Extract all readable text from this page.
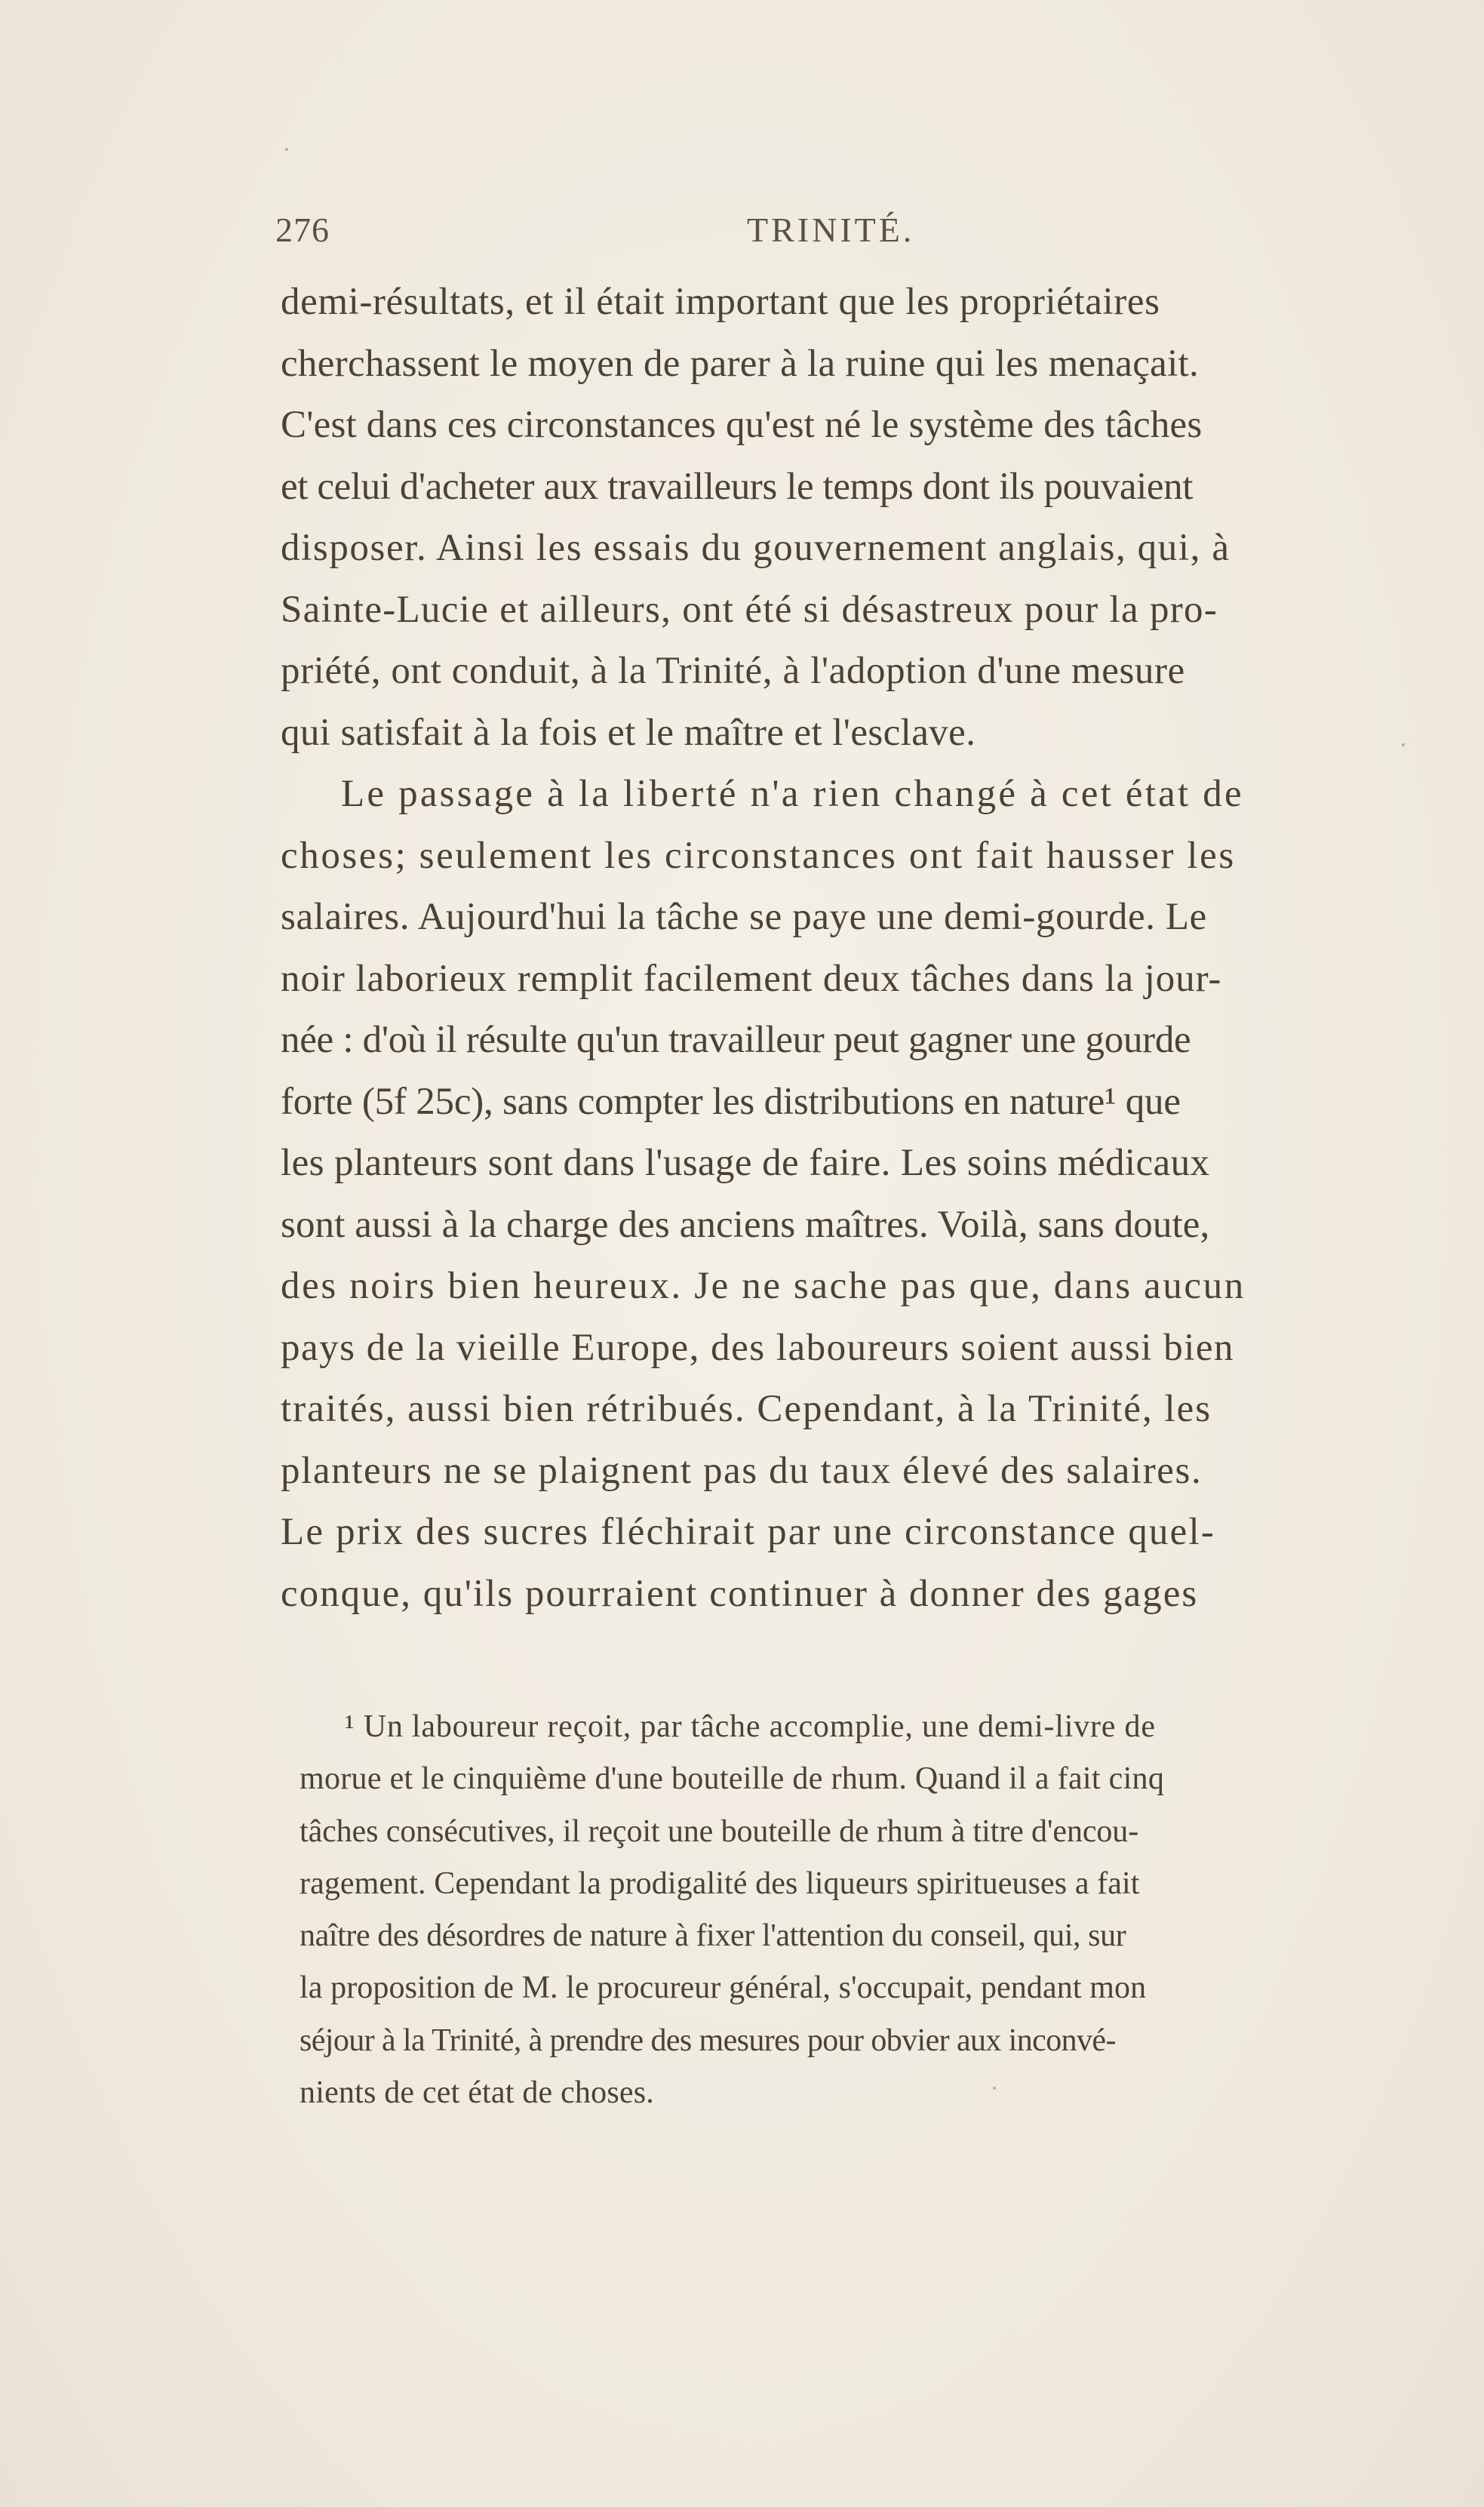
276	TRINITÉ.
demi-résultats, et il était important que les propriétaires
cherchassent le moyen de parer à la ruine qui les menaçait.
C'est dans ces circonstances qu'est né le système des tâches
et celui d'acheter aux travailleurs le temps dont ils pouvaient
disposer. Ainsi les essais du gouvernement anglais, qui, à
Sainte-Lucie et ailleurs, ont été si désastreux pour la pro-
priété, ont conduit, à la Trinité, à l'adoption d'une mesure
qui satisfait à la fois et le maître et l'esclave.
Le passage à la liberté n'a rien changé à cet état de
choses; seulement les circonstances ont fait hausser les
salaires. Aujourd'hui la tâche se paye une demi-gourde. Le
noir laborieux remplit facilement deux tâches dans la jour-
née : d'où il résulte qu'un travailleur peut gagner une gourde
forte (5f 25c), sans compter les distributions en nature¹ que
les planteurs sont dans l'usage de faire. Les soins médicaux
sont aussi à la charge des anciens maîtres. Voilà, sans doute,
des noirs bien heureux. Je ne sache pas que, dans aucun
pays de la vieille Europe, des laboureurs soient aussi bien
traités, aussi bien rétribués. Cependant, à la Trinité, les
planteurs ne se plaignent pas du taux élevé des salaires.
Le prix des sucres fléchirait par une circonstance quel-
conque, qu'ils pourraient continuer à donner des gages
¹ Un laboureur reçoit, par tâche accomplie, une demi-livre de
morue et le cinquième d'une bouteille de rhum. Quand il a fait cinq
tâches consécutives, il reçoit une bouteille de rhum à titre d'encou-
ragement. Cependant la prodigalité des liqueurs spiritueuses a fait
naître des désordres de nature à fixer l'attention du conseil, qui, sur
la proposition de M. le procureur général, s'occupait, pendant mon
séjour à la Trinité, à prendre des mesures pour obvier aux inconvé-
nients de cet état de choses.
